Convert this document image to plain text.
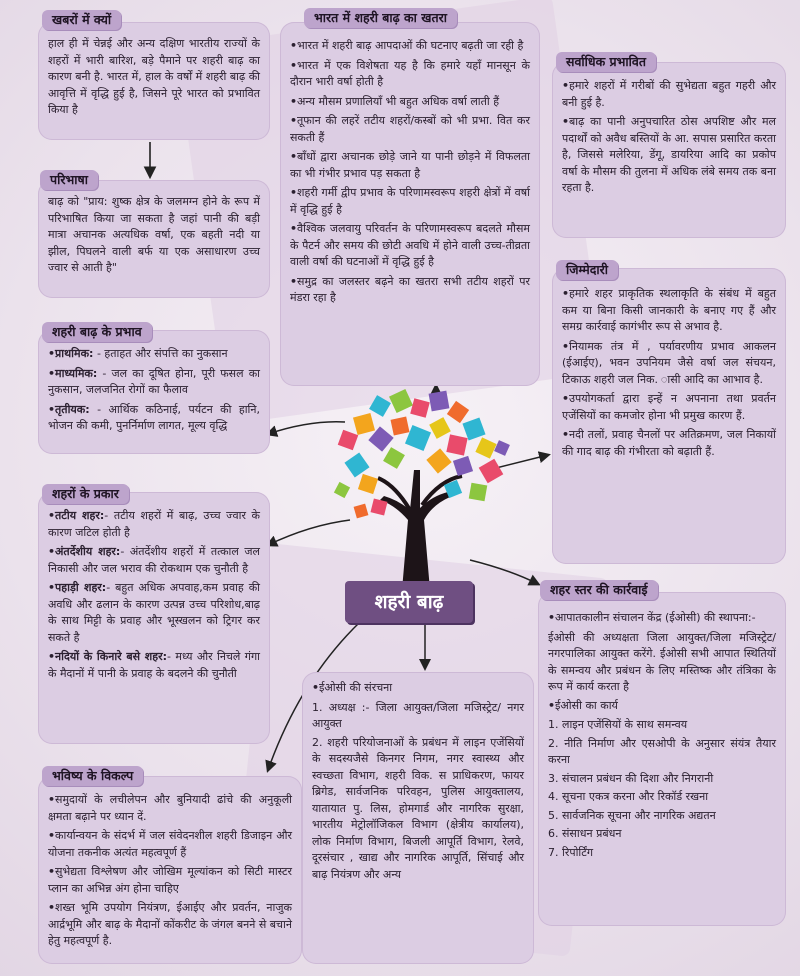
हाल ही में चेन्नई और अन्य दक्षिण भारतीय राज्यों के शहरों में भारी बारिश, बड़े पैमाने पर शहरी बाढ़ का कारण बनी है. भारत में, हाल के वर्षों में शहरी बाढ़ की आवृत्ति में वृद्धि हुई है, जिसने पूरे भारत को प्रभावित किया है

खबरों में क्यों

बाढ़ को "प्राय: शुष्क क्षेत्र के जलमग्न होने के रूप में परिभाषित किया जा सकता है जहां पानी की बड़ी मात्रा अचानक अत्यधिक वर्षा, एक बहती नदी या झील, पिघलने वाली बर्फ या एक असाधारण उच्च ज्वार से आती है"

परिभाषा
• प्राथमिक: - हताहत और संपत्ति का नुकसान
• माध्यमिक: - जल का दूषित होना, पूरी फसल का नुकसान, जलजनित रोगों का फैलाव
• तृतीयक: - आर्थिक कठिनाई, पर्यटन की हानि, भोजन की कमी, पुनर्निर्माण लागत, मूल्य वृद्धि
शहरी बाढ़ के प्रभाव
• तटीय शहर:- तटीय शहरों में बाढ़, उच्च ज्वार के कारण जटिल होती है
• अंतर्देशीय शहर:- अंतर्देशीय शहरों में तत्काल जल निकासी और जल भराव की रोकथाम एक चुनौती है
• पहाड़ी शहर:- बहुत अधिक अपवाह,कम प्रवाह की अवधि और ढलान के कारण उत्पन्न उच्च परिशोध,बाढ़ के साथ मिट्टी के प्रवाह और भूस्खलन को ट्रिगर कर सकते है
• नदियों के किनारे बसे शहर:- मध्य और निचले गंगा के मैदानों में पानी के प्रवाह के बदलने की चुनौती
शहरों के प्रकार
• समुदायों के लचीलेपन और बुनियादी ढांचे की अनुकूली क्षमता बढ़ाने पर ध्यान दें.
• कार्यान्वयन के संदर्भ में जल संवेदनशील शहरी डिजाइन और योजना तकनीक अत्यंत महत्वपूर्ण हैं
• सुभेद्यता विश्लेषण और जोखिम मूल्यांकन को सिटी मास्टर प्लान का अभिन्न अंग होना चाहिए
• शख्त भूमि उपयोग नियंत्रण, ईआईए और प्रवर्तन, नाजुक आर्द्रभूमि और बाढ़ के मैदानों कोंकरीट के जंगल बनने से बचाने हेतु महत्वपूर्ण है.
भविष्य के विकल्प
• भारत में शहरी बाढ़ आपदाओं की घटनाए बढ़ती जा रही है
• भारत में एक विशेषता यह है कि हमारे यहाँ मानसून के दौरान भारी वर्षा होती है
• अन्य मौसम प्रणालियाँ भी बहुत अधिक वर्षा लाती हैं
• तूफान की लहरें तटीय शहरों/कस्बों को भी प्रभा. वित कर सकती हैं
• बाँधों द्वारा अचानक छोड़े जाने या पानी छोड़ने में विफलता का भी गंभीर प्रभाव पड़ सकता है
• शहरी गर्मी द्वीप प्रभाव के परिणामस्वरूप शहरी क्षेत्रों में वर्षा में वृद्धि हुई है
• वैश्विक जलवायु परिवर्तन के परिणामस्वरूप बदलते मौसम के पैटर्न और समय की छोटी अवधि में होने वाली उच्च-तीव्रता वाली वर्षा की घटनाओं में वृद्धि हुई है
• समुद्र का जलस्तर बढ़ने का खतरा सभी तटीय शहरों पर मंडरा रहा है
भारत में शहरी बाढ़ का खतरा
• हमारे शहरों में गरीबों की सुभेद्यता बहुत गहरी और बनी हुई है.
• बाढ़ का पानी अनुपचारित ठोस अपशिष्ट और मल पदार्थों को अवैध बस्तियों के आ. सपास प्रसारित करता है, जिससे मलेरिया, डेंगू, डायरिया आदि का प्रकोप वर्षा के मौसम की तुलना में अधिक लंबे समय तक बना रहता है.
सर्वाधिक प्रभावित
• हमारे शहर प्राकृतिक स्थलाकृति के संबंध में बहुत कम या बिना किसी जानकारी के बनाए गए हैं और समग्र कार्रवाई कागंभीर रूप से अभाव है.
• नियामक तंत्र में , पर्यावरणीय प्रभाव आकलन (ईआईए), भवन उपनियम जैसे वर्षा जल संचयन, टिकाऊ शहरी जल निक. ासी आदि का आभाव है.
• उपयोगकर्ता द्वारा इन्हें न अपनाना तथा प्रवर्तन एजेंसियों का कमजोर होना भी प्रमुख कारण हैं.
• नदी तलों, प्रवाह चैनलों पर अतिक्रमण, जल निकायों की गाद बाढ़ की गंभीरता को बढ़ाती हैं.
जिम्मेदारी
• ईओसी की संरचना

1. अध्यक्ष :- जिला आयुक्त/जिला मजिस्ट्रेट/ नगर आयुक्त

2. शहरी परियोजनाओं के प्रबंधन में लाइन एजेंसियों के सदस्यजैसे किनगर निगम, नगर स्वास्थ्य और स्वच्छता विभाग, शहरी विक. स प्राधिकरण, फायर ब्रिगेड, सार्वजनिक परिवहन, पुलिस आयुक्तालय, यातायात पु. लिस, होमगार्ड और नागरिक सुरक्षा, भारतीय मेट्रोलॉजिकल विभाग (क्षेत्रीय कार्यालय), लोक निर्माण विभाग, बिजली आपूर्ति विभाग, रेलवे, दूरसंचार , खाद्य और नागरिक आपूर्ति, सिंचाई और बाढ़ नियंत्रण और अन्य

• आपातकालीन संचालन केंद्र (ईओसी) की स्थापना:-

ईओसी की अध्यक्षता जिला आयुक्त/जिला मजिस्ट्रेट/नगरपालिका आयुक्त करेंगे. ईओसी सभी आपात स्थितियों के समन्वय और प्रबंधन के लिए मस्तिष्क और तंत्रिका के रूप में कार्य करता है

• ईओसी का कार्य

1. लाइन एजेंसियों के साथ समन्वय

2. नीति निर्माण और एसओपी के अनुसार संयंत्र तैयार करना

3. संचालन प्रबंधन की दिशा और निगरानी

4. सूचना एकत्र करना और रिकॉर्ड रखना

5. सार्वजनिक सूचना और नागरिक अद्यतन

6. संसाधन प्रबंधन

7. रिपोर्टिंग

शहर स्तर की कार्रवाई
शहरी बाढ़
